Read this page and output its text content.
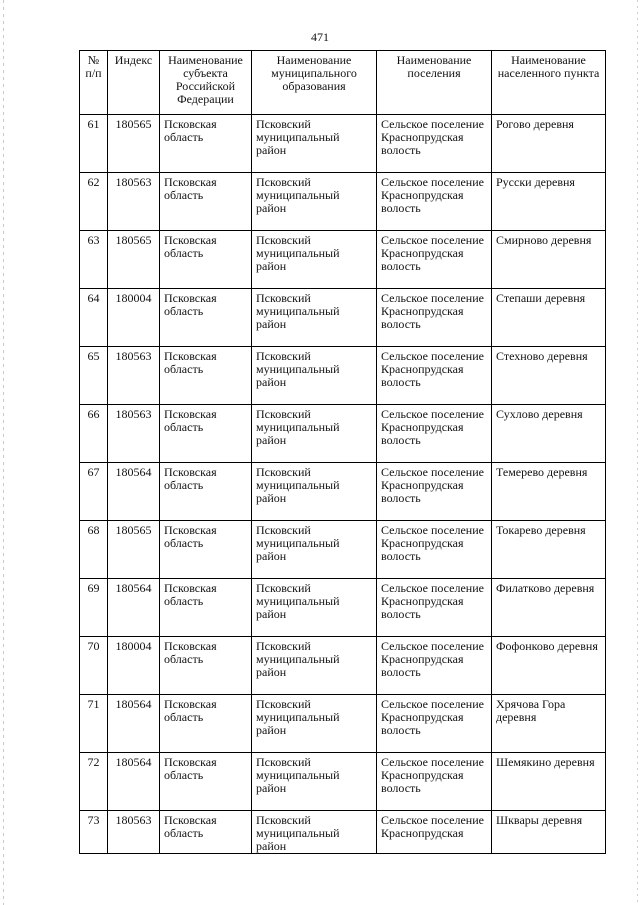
471
№ п/п	Индекс	Наименование субъекта Российской Федерации	Наименование муниципального образования	Наименование поселения	Наименование населенного пункта
61	180565	Псковская область	Псковский муниципальный район	Сельское поселение Краснопрудская волость	Рогово деревня
62	180563	Псковская область	Псковский муниципальный район	Сельское поселение Краснопрудская волость	Русски деревня
63	180565	Псковская область	Псковский муниципальный район	Сельское поселение Краснопрудская волость	Смирново деревня
64	180004	Псковская область	Псковский муниципальный район	Сельское поселение Краснопрудская волость	Степаши деревня
65	180563	Псковская область	Псковский муниципальный район	Сельское поселение Краснопрудская волость	Стехново деревня
66	180563	Псковская область	Псковский муниципальный район	Сельское поселение Краснопрудская волость	Сухлово деревня
67	180564	Псковская область	Псковский муниципальный район	Сельское поселение Краснопрудская волость	Темерево деревня
68	180565	Псковская область	Псковский муниципальный район	Сельское поселение Краснопрудская волость	Токарево деревня
69	180564	Псковская область	Псковский муниципальный район	Сельское поселение Краснопрудская волость	Филатково деревня
70	180004	Псковская область	Псковский муниципальный район	Сельское поселение Краснопрудская волость	Фофонково деревня
71	180564	Псковская область	Псковский муниципальный район	Сельское поселение Краснопрудская волость	Хрячова Гора деревня
72	180564	Псковская область	Псковский муниципальный район	Сельское поселение Краснопрудская волость	Шемякино деревня
73	180563	Псковская область	Псковский муниципальный район	Сельское поселение Краснопрудская	Шквары деревня
